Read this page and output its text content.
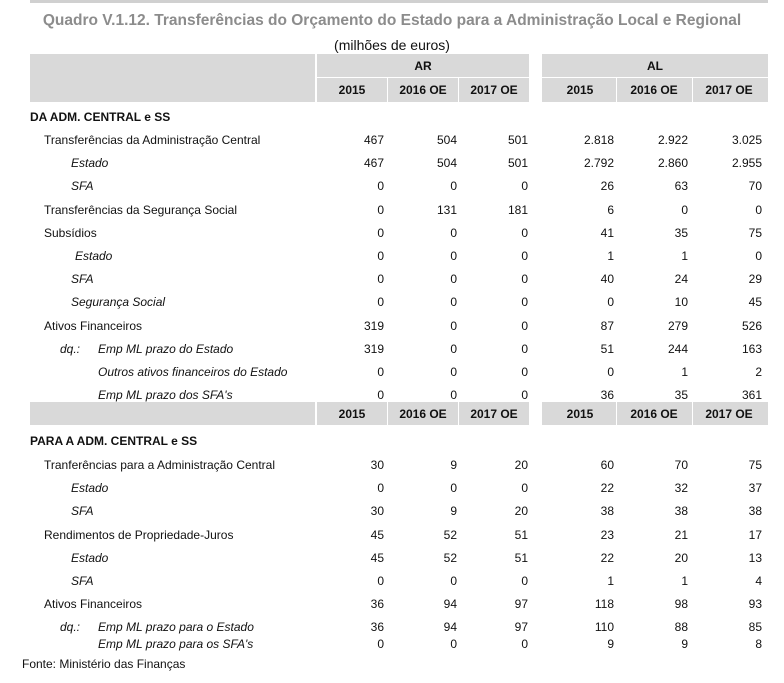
Quadro V.1.12. Transferências do Orçamento do Estado para a Administração Local e Regional
(milhões de euros)
AR	AL
2015	2016 OE	2017 OE	2015	2016 OE	2017 OE
2015	2016 OE	2017 OE	2015	2016 OE	2017 OE
DA ADM. CENTRAL e SS
Transferências da Administração Central	467	504	501	2.818	2.922	3.025
Estado	467	504	501	2.792	2.860	2.955
SFA	0	0	0	26	63	70
Transferências da Segurança Social	0	131	181	6	0	0
Subsídios	0	0	0	41	35	75
Estado	0	0	0	1	1	0
SFA	0	0	0	40	24	29
Segurança Social	0	0	0	0	10	45
Ativos Financeiros	319	0	0	87	279	526
dq.: Emp ML prazo do Estado	319	0	0	51	244	163
Outros ativos financeiros do Estado	0	0	0	0	1	2
Emp ML prazo dos SFA's	0	0	0	36	35	361
PARA A ADM. CENTRAL e SS
Tranferências para a Administração Central	30	9	20	60	70	75
Estado	0	0	0	22	32	37
SFA	30	9	20	38	38	38
Rendimentos de Propriedade-Juros	45	52	51	23	21	17
Estado	45	52	51	22	20	13
SFA	0	0	0	1	1	4
Ativos Financeiros	36	94	97	118	98	93
dq.: Emp ML prazo para o Estado	36	94	97	110	88	85
Emp ML prazo para os SFA's	0	0	0	9	9	8
Fonte: Ministério das Finanças
